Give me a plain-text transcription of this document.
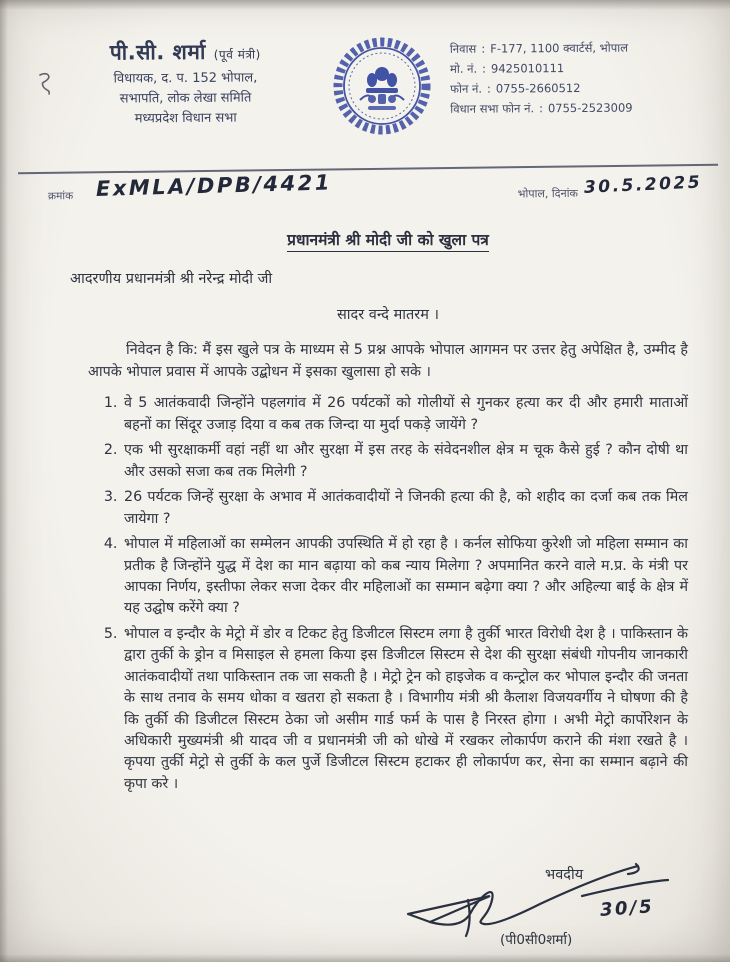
पी.सी. शर्मा (पूर्व मंत्री)
विधायक, द. प. 152 भोपाल,
सभापति, लोक लेखा समिति
मध्यप्रदेश विधान सभा
निवास : F-177, 1100 क्वार्टर्स, भोपाल
मो. नं. : 9425010111
फोन नं. : 0755-2660512
विधान सभा फोन नं. : 0755-2523009
क्रमांक ExMLA/DPB/4421	भोपाल, दिनांक 30.5.2025
प्रधानमंत्री श्री मोदी जी को खुला पत्र
आदरणीय प्रधानमंत्री श्री नरेन्द्र मोदी जी
सादर वन्दे मातरम ।
निवेदन है कि: मैं इस खुले पत्र के माध्यम से 5 प्रश्न आपके भोपाल आगमन पर उत्तर हेतु अपेक्षित है, उम्मीद है आपके भोपाल प्रवास में आपके उद्बोधन में इसका खुलासा हो सके ।
1. वे 5 आतंकवादी जिन्होंने पहलगांव में 26 पर्यटकों को गोलीयों से गुनकर हत्या कर दी और हमारी माताओं बहनों का सिंदूर उजाड़ दिया व कब तक जिन्दा या मुर्दा पकड़े जायेंगे ?
2. एक भी सुरक्षाकर्मी वहां नहीं था और सुरक्षा में इस तरह के संवेदनशील क्षेत्र म चूक कैसे हुई ? कौन दोषी था और उसको सजा कब तक मिलेगी ?
3. 26 पर्यटक जिन्हें सुरक्षा के अभाव में आतंकवादीयों ने जिनकी हत्या की है, को शहीद का दर्जा कब तक मिल जायेगा ?
4. भोपाल में महिलाओं का सम्मेलन आपकी उपस्थिति में हो रहा है । कर्नल सोफिया कुरेशी जो महिला सम्मान का प्रतीक है जिन्होंने युद्ध में देश का मान बढ़ाया को कब न्याय मिलेगा ? अपमानित करने वाले म.प्र. के मंत्री पर आपका निर्णय, इस्तीफा लेकर सजा देकर वीर महिलाओं का सम्मान बढ़ेगा क्या ? और अहिल्या बाई के क्षेत्र में यह उद्घोष करेंगे क्या ?
5. भोपाल व इन्दौर के मेट्रो में डोर व टिकट हेतु डिजीटल सिस्टम लगा है तुर्की भारत विरोधी देश है । पाकिस्तान के द्वारा तुर्की के ड्रोन व मिसाइल से हमला किया इस डिजीटल सिस्टम से देश की सुरक्षा संबंधी गोपनीय जानकारी आतंकवादीयों तथा पाकिस्तान तक जा सकती है । मेट्रो ट्रेन को हाइजेक व कन्ट्रोल कर भोपाल इन्दौर की जनता के साथ तनाव के समय धोका व खतरा हो सकता है । विभागीय मंत्री श्री कैलाश विजयवर्गीय ने घोषणा की है कि तुर्की की डिजीटल सिस्टम ठेका जो असीम गार्ड फर्म के पास है निरस्त होगा । अभी मेट्रो कार्पोरेशन के अधिकारी मुख्यमंत्री श्री यादव जी व प्रधानमंत्री जी को धोखे में रखकर लोकार्पण कराने की मंशा रखते है । कृपया तुर्की मेट्रो से तुर्की के कल पुर्जे डिजीटल सिस्टम हटाकर ही लोकार्पण कर, सेना का सम्मान बढ़ाने की कृपा करे ।
भवदीय
30/5
(पी0सी0शर्मा)
